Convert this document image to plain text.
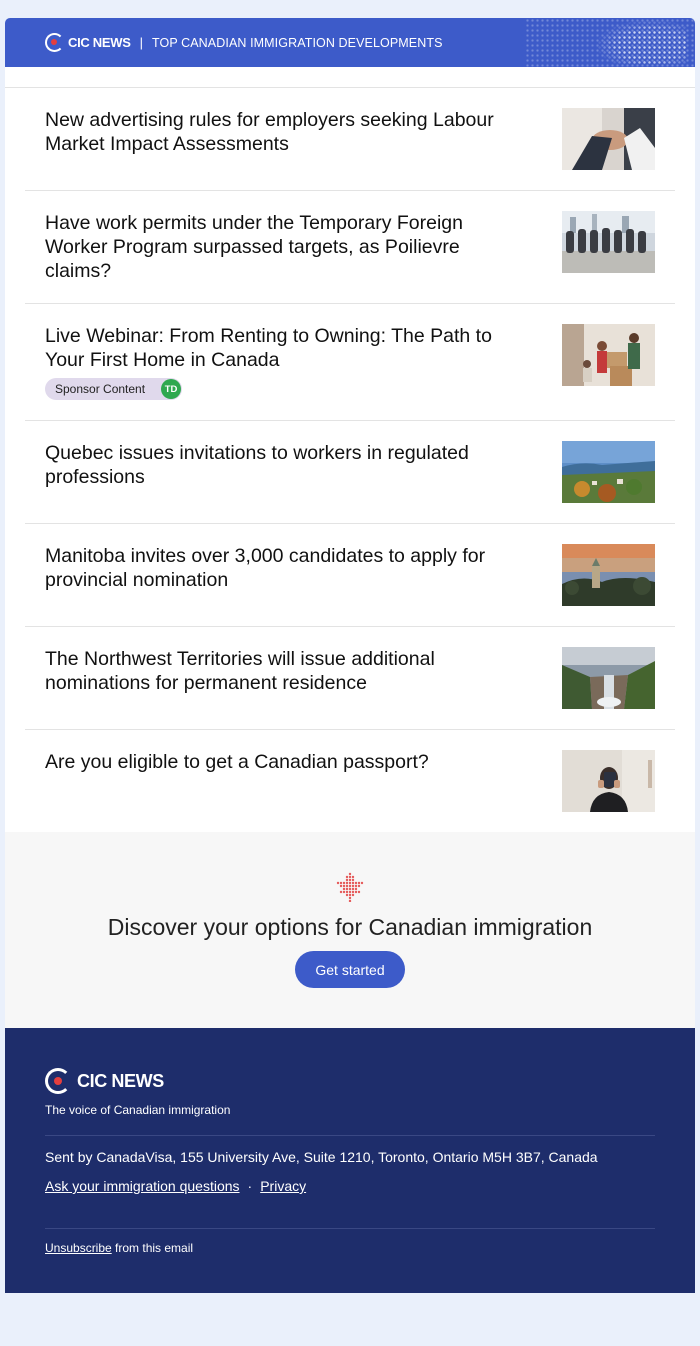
CIC NEWS | TOP CANADIAN IMMIGRATION DEVELOPMENTS
New advertising rules for employers seeking Labour Market Impact Assessments
Have work permits under the Temporary Foreign Worker Program surpassed targets, as Poilievre claims?
Live Webinar: From Renting to Owning: The Path to Your First Home in Canada
Sponsor Content	TD
Quebec issues invitations to workers in regulated professions
Manitoba invites over 3,000 candidates to apply for provincial nomination
The Northwest Territories will issue additional nominations for permanent residence
Are you eligible to get a Canadian passport?
Discover your options for Canadian immigration
Get started
CIC NEWS
The voice of Canadian immigration
Sent by CanadaVisa, 155 University Ave, Suite 1210, Toronto, Ontario M5H 3B7, Canada
Ask your immigration questions · Privacy
Unsubscribe from this email
